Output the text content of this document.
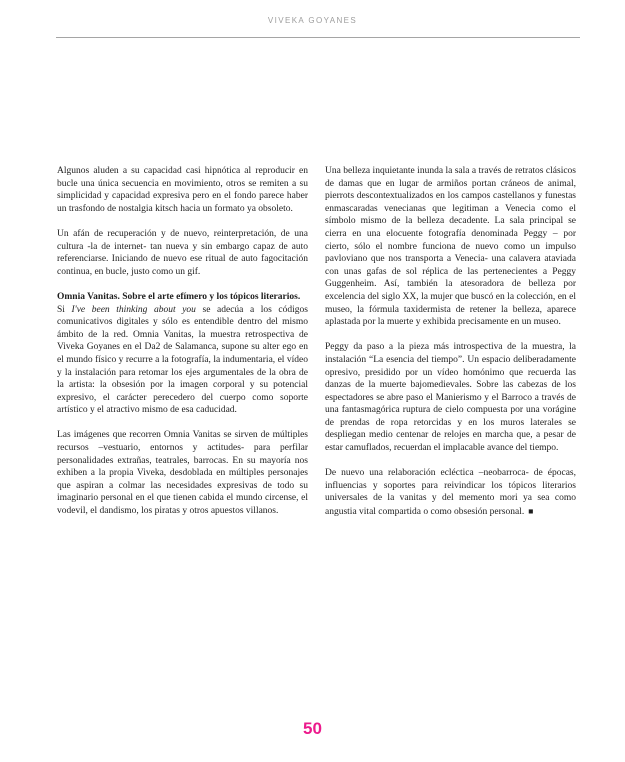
VIVEKA GOYANES

Algunos aluden a su capacidad casi hipnótica al reproducir en bucle una única secuencia en movimiento, otros se remiten a su simplicidad y capacidad expresiva pero en el fondo parece haber un trasfondo de nostalgia kitsch hacia un formato ya obsoleto.

Un afán de recuperación y de nuevo, reinterpretación, de una cultura -la de internet- tan nueva y sin embargo capaz de auto referenciarse. Iniciando de nuevo ese ritual de auto fagocitación continua, en bucle, justo como un gif.

Omnia Vanitas. Sobre el arte efímero y los tópicos literarios.
Si I've been thinking about you se adecúa a los códigos comunicativos digitales y sólo es entendible dentro del mismo ámbito de la red. Omnia Vanitas, la muestra retrospectiva de Viveka Goyanes en el Da2 de Salamanca, supone su alter ego en el mundo físico y recurre a la fotografía, la indumentaria, el vídeo y la instalación para retomar los ejes argumentales de la obra de la artista: la obsesión por la imagen corporal y su potencial expresivo, el carácter perecedero del cuerpo como soporte artístico y el atractivo mismo de esa caducidad.

Las imágenes que recorren Omnia Vanitas se sirven de múltiples recursos –vestuario, entornos y actitudes- para perfilar personalidades extrañas, teatrales, barrocas. En su mayoría nos exhiben a la propia Viveka, desdoblada en múltiples personajes que aspiran a colmar las necesidades expresivas de todo su imaginario personal en el que tienen cabida el mundo circense, el vodevil, el dandismo, los piratas y otros apuestos villanos.

Una belleza inquietante inunda la sala a través de retratos clásicos de damas que en lugar de armiños portan cráneos de animal, pierrots descontextualizados en los campos castellanos y funestas enmascaradas venecianas que legitiman a Venecia como el símbolo mismo de la belleza decadente. La sala principal se cierra en una elocuente fotografía denominada Peggy – por cierto, sólo el nombre funciona de nuevo como un impulso pavloviano que nos transporta a Venecia- una calavera ataviada con unas gafas de sol réplica de las pertenecientes a Peggy Guggenheim. Así, también la atesoradora de belleza por excelencia del siglo XX, la mujer que buscó en la colección, en el museo, la fórmula taxidermista de retener la belleza, aparece aplastada por la muerte y exhibida precisamente en un museo.

Peggy da paso a la pieza más introspectiva de la muestra, la instalación “La esencia del tiempo”. Un espacio deliberadamente opresivo, presidido por un vídeo homónimo que recuerda las danzas de la muerte bajomedievales. Sobre las cabezas de los espectadores se abre paso el Manierismo y el Barroco a través de una fantasmagórica ruptura de cielo compuesta por una vorágine de prendas de ropa retorcidas y en los muros laterales se despliegan medio centenar de relojes en marcha que, a pesar de estar camuflados, recuerdan el implacable avance del tiempo.

De nuevo una relaboración ecléctica –neobarroca- de épocas, influencias y soportes para reivindicar los tópicos literarios universales de la vanitas y del memento mori ya sea como angustia vital compartida o como obsesión personal. ■

50
